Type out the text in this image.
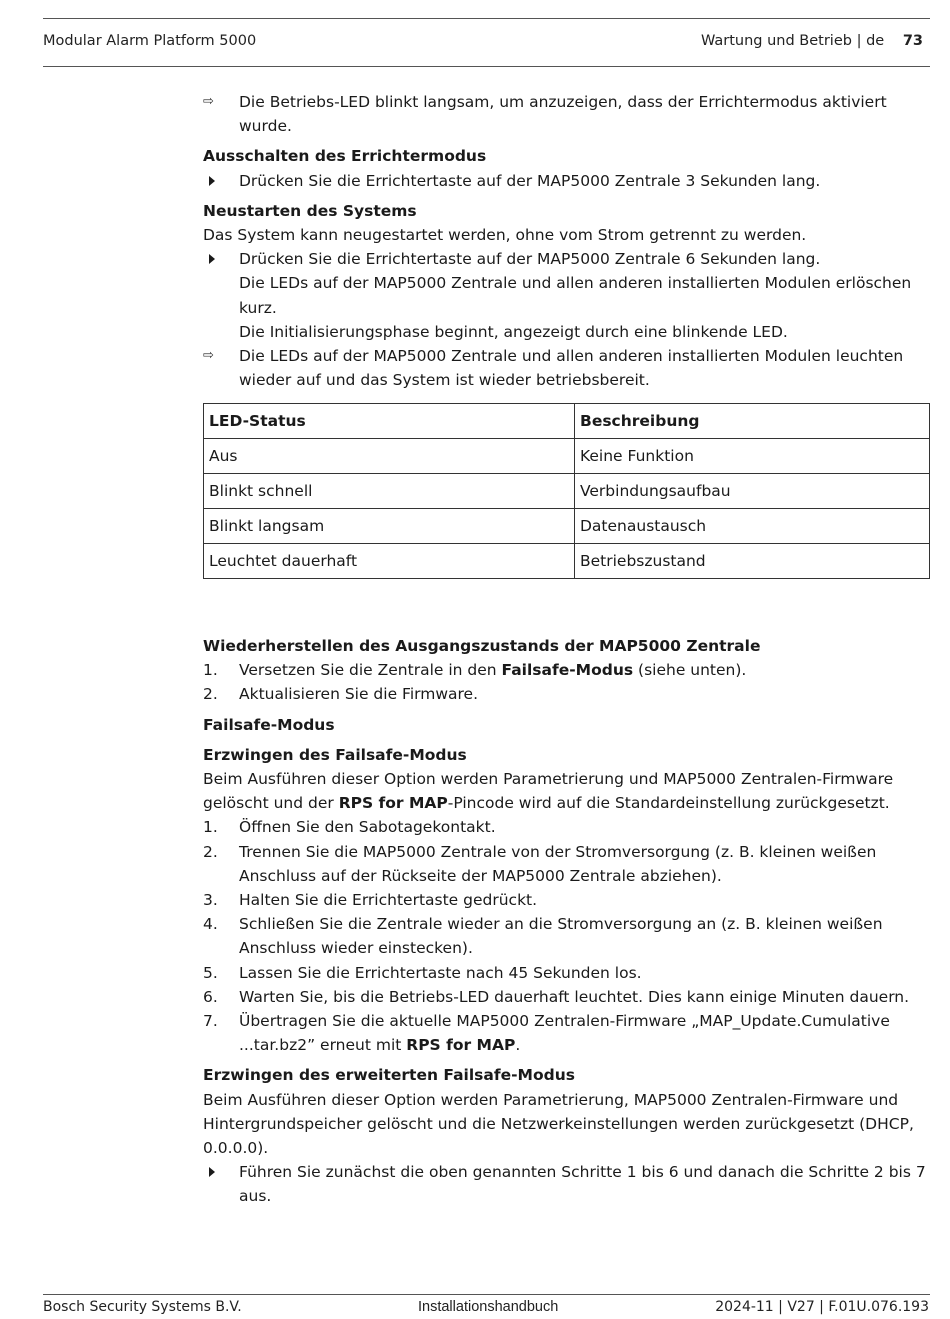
Modular Alarm Platform 5000	Wartung und Betrieb | de 73
⇨	Die Betriebs-LED blinkt langsam, um anzuzeigen, dass der Errichtermodus aktiviert wurde.
Ausschalten des Errichtermodus
Drücken Sie die Errichtertaste auf der MAP5000 Zentrale 3 Sekunden lang.
Neustarten des Systems
Das System kann neugestartet werden, ohne vom Strom getrennt zu werden.
Drücken Sie die Errichtertaste auf der MAP5000 Zentrale 6 Sekunden lang.
Die LEDs auf der MAP5000 Zentrale und allen anderen installierten Modulen erlöschen kurz.
Die Initialisierungsphase beginnt, angezeigt durch eine blinkende LED.
⇨	Die LEDs auf der MAP5000 Zentrale und allen anderen installierten Modulen leuchten wieder auf und das System ist wieder betriebsbereit.
LED-Status	Beschreibung
Aus	Keine Funktion
Blinkt schnell	Verbindungsaufbau
Blinkt langsam	Datenaustausch
Leuchtet dauerhaft	Betriebszustand
Wiederherstellen des Ausgangszustands der MAP5000 Zentrale
1.	Versetzen Sie die Zentrale in den Failsafe-Modus (siehe unten).
2.	Aktualisieren Sie die Firmware.
Failsafe-Modus
Erzwingen des Failsafe-Modus
Beim Ausführen dieser Option werden Parametrierung und MAP5000 Zentralen-Firmware gelöscht und der RPS for MAP-Pincode wird auf die Standardeinstellung zurückgesetzt.
1.	Öffnen Sie den Sabotagekontakt.
2.	Trennen Sie die MAP5000 Zentrale von der Stromversorgung (z. B. kleinen weißen Anschluss auf der Rückseite der MAP5000 Zentrale abziehen).
3.	Halten Sie die Errichtertaste gedrückt.
4.	Schließen Sie die Zentrale wieder an die Stromversorgung an (z. B. kleinen weißen Anschluss wieder einstecken).
5.	Lassen Sie die Errichtertaste nach 45 Sekunden los.
6.	Warten Sie, bis die Betriebs-LED dauerhaft leuchtet. Dies kann einige Minuten dauern.
7.	Übertragen Sie die aktuelle MAP5000 Zentralen-Firmware „MAP_Update.Cumulative ...tar.bz2” erneut mit RPS for MAP.
Erzwingen des erweiterten Failsafe-Modus
Beim Ausführen dieser Option werden Parametrierung, MAP5000 Zentralen-Firmware und Hintergrundspeicher gelöscht und die Netzwerkeinstellungen werden zurückgesetzt (DHCP, 0.0.0.0).
Führen Sie zunächst die oben genannten Schritte 1 bis 6 und danach die Schritte 2 bis 7 aus.
Bosch Security Systems B.V.	Installationshandbuch	2024-11 | V27 | F.01U.076.193
